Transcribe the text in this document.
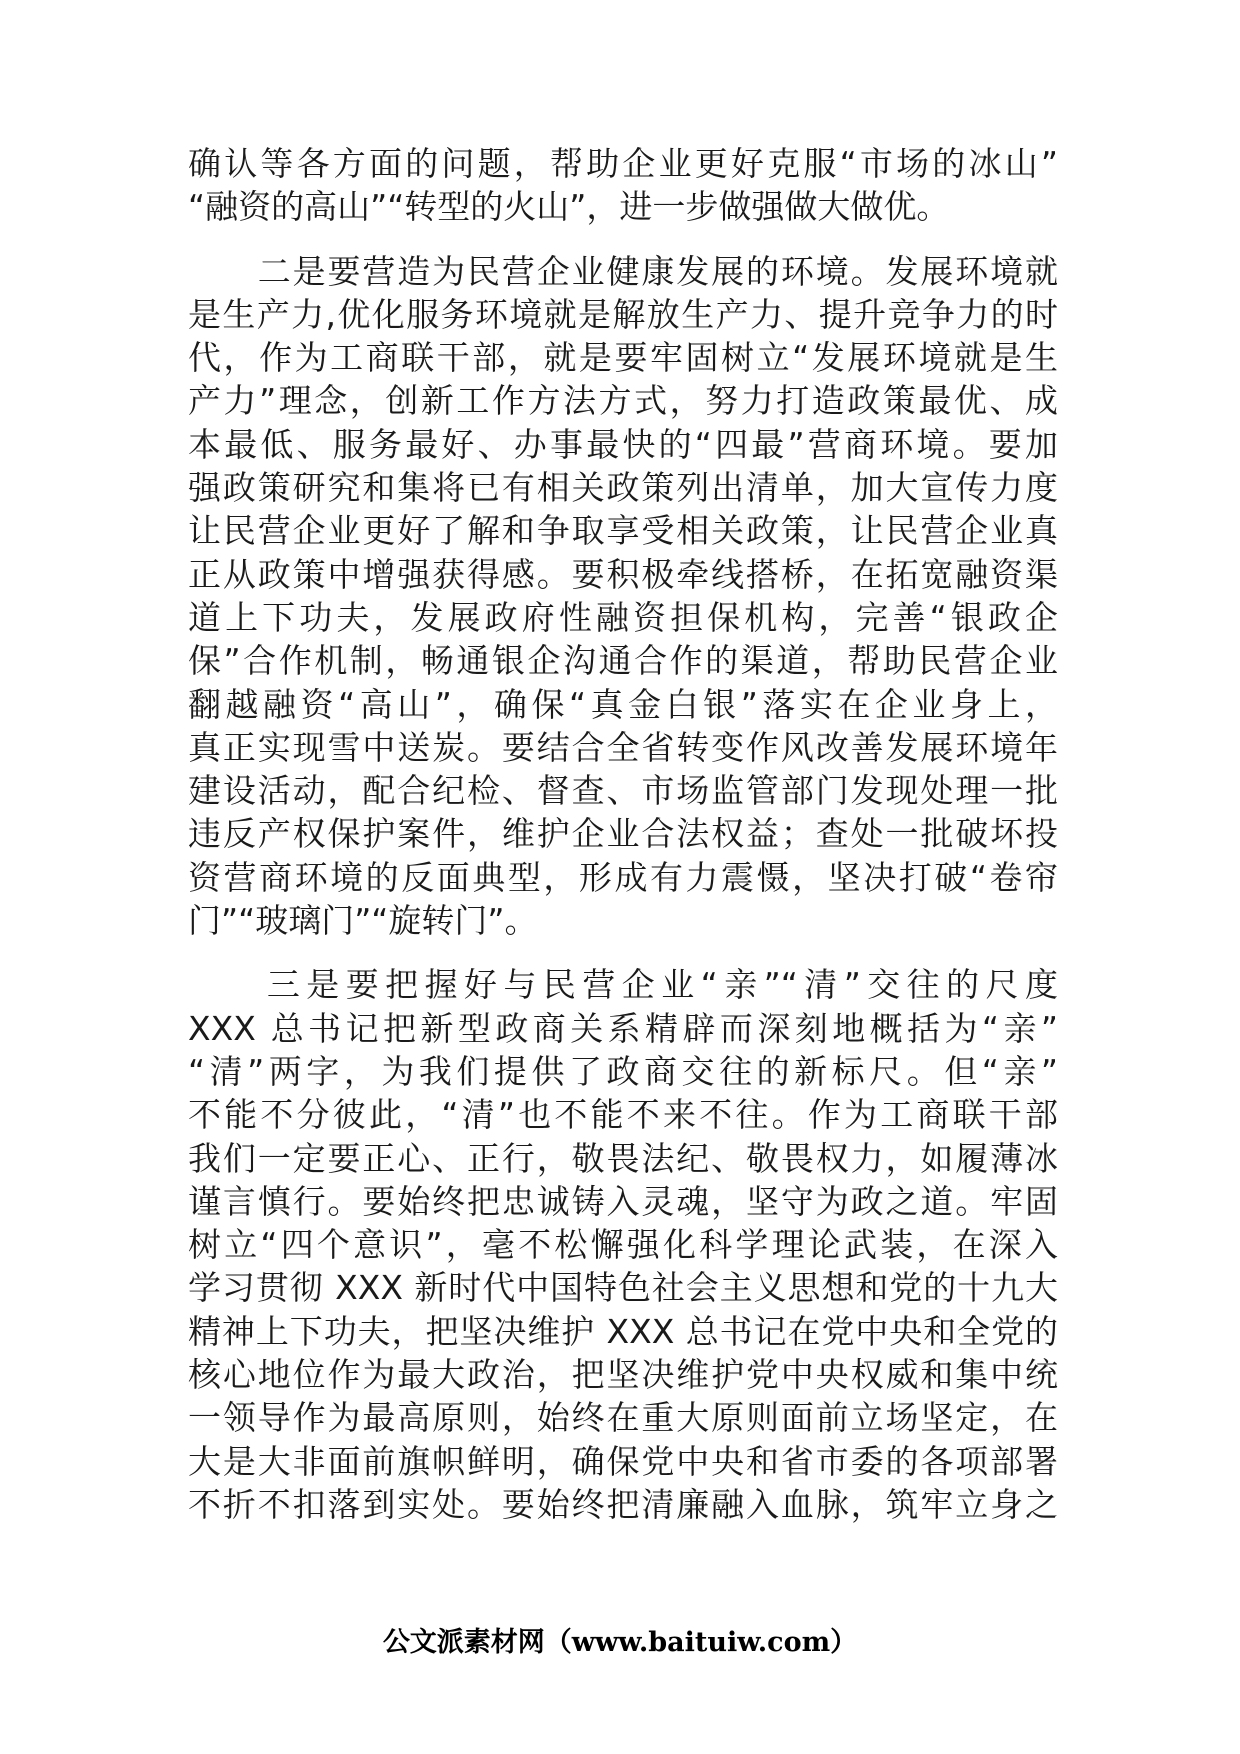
确认等各方面的问题，帮助企业更好克服“市场的冰山”
“融资的高山”“转型的火山”，进一步做强做大做优。
　　二是要营造为民营企业健康发展的环境。发展环境就
是生产力,优化服务环境就是解放生产力、提升竞争力的时
代，作为工商联干部，就是要牢固树立“发展环境就是生
产力”理念，创新工作方法方式，努力打造政策最优、成
本最低、服务最好、办事最快的“四最”营商环境。要加
强政策研究和集将已有相关政策列出清单，加大宣传力度
让民营企业更好了解和争取享受相关政策，让民营企业真
正从政策中增强获得感。要积极牵线搭桥，在拓宽融资渠
道上下功夫，发展政府性融资担保机构，完善“银政企
保”合作机制，畅通银企沟通合作的渠道，帮助民营企业
翻越融资“高山”，确保“真金白银”落实在企业身上，
真正实现雪中送炭。要结合全省转变作风改善发展环境年
建设活动，配合纪检、督查、市场监管部门发现处理一批
违反产权保护案件，维护企业合法权益；查处一批破坏投
资营商环境的反面典型，形成有力震慑，坚决打破“卷帘
门”“玻璃门”“旋转门”。
　　三是要把握好与民营企业“亲”“清”交往的尺度
XXX 总书记把新型政商关系精辟而深刻地概括为“亲”
“清”两字，为我们提供了政商交往的新标尺。但“亲”
不能不分彼此，“清”也不能不来不往。作为工商联干部
我们一定要正心、正行，敬畏法纪、敬畏权力，如履薄冰
谨言慎行。要始终把忠诚铸入灵魂，坚守为政之道。牢固
树立“四个意识”，毫不松懈强化科学理论武装，在深入
学习贯彻 XXX 新时代中国特色社会主义思想和党的十九大
精神上下功夫，把坚决维护 XXX 总书记在党中央和全党的
核心地位作为最大政治，把坚决维护党中央权威和集中统
一领导作为最高原则，始终在重大原则面前立场坚定，在
大是大非面前旗帜鲜明，确保党中央和省市委的各项部署
不折不扣落到实处。要始终把清廉融入血脉，筑牢立身之
公文派素材网（www.baituiw.com）
